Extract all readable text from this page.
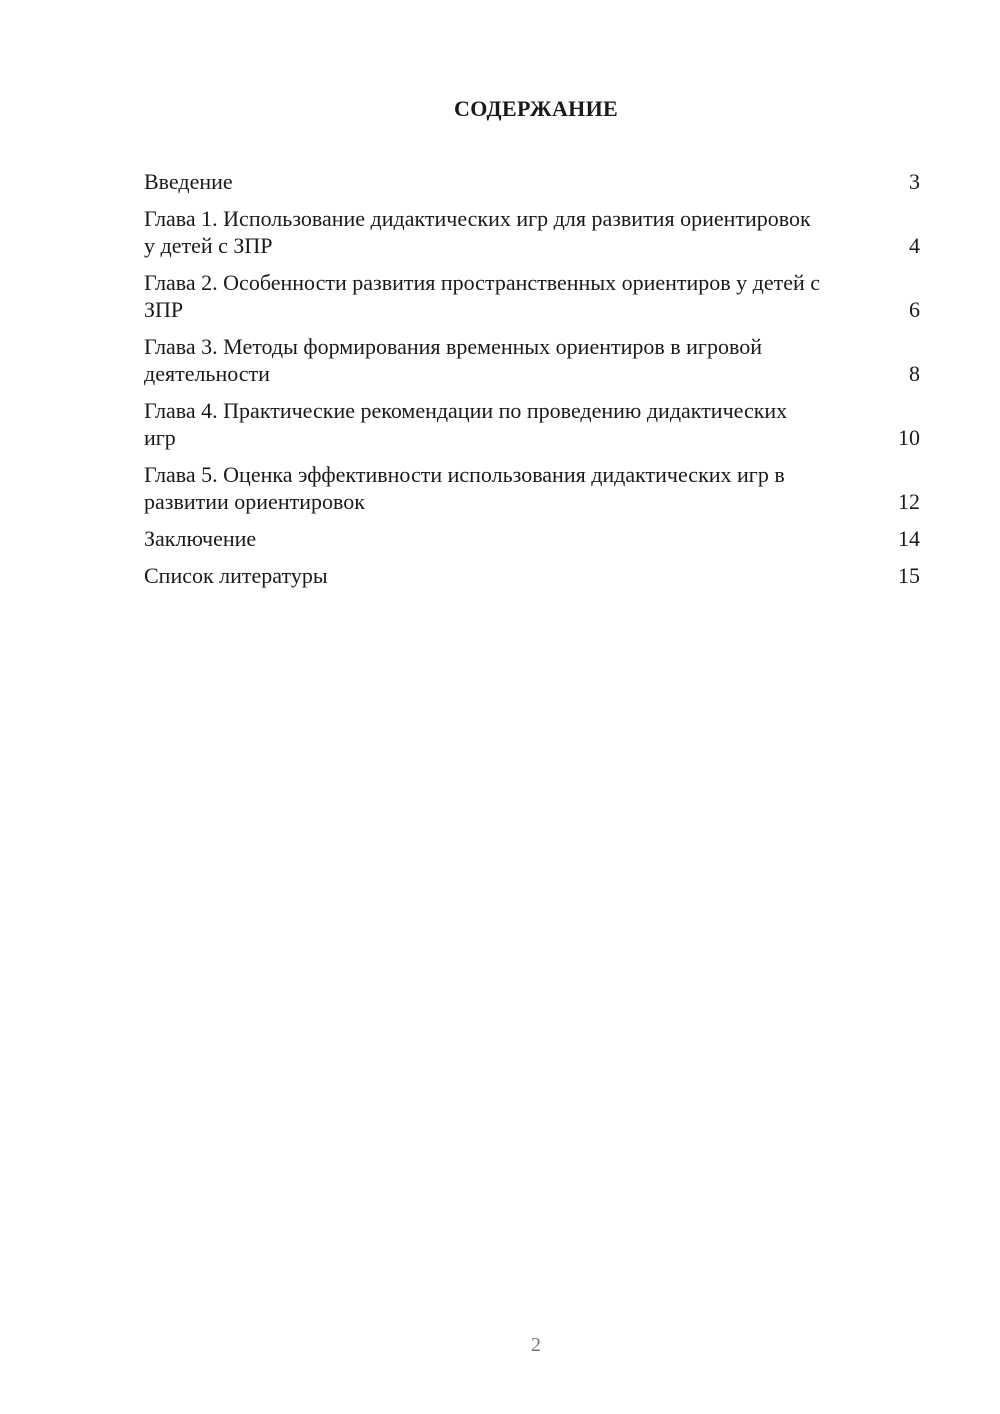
СОДЕРЖАНИЕ
Введение	3
Глава 1. Использование дидактических игр для развития ориентировок у детей с ЗПР	4
Глава 2. Особенности развития пространственных ориентиров у детей с ЗПР	6
Глава 3. Методы формирования временных ориентиров в игровой деятельности	8
Глава 4. Практические рекомендации по проведению дидактических игр	10
Глава 5. Оценка эффективности использования дидактических игр в развитии ориентировок	12
Заключение	14
Список литературы	15
2
